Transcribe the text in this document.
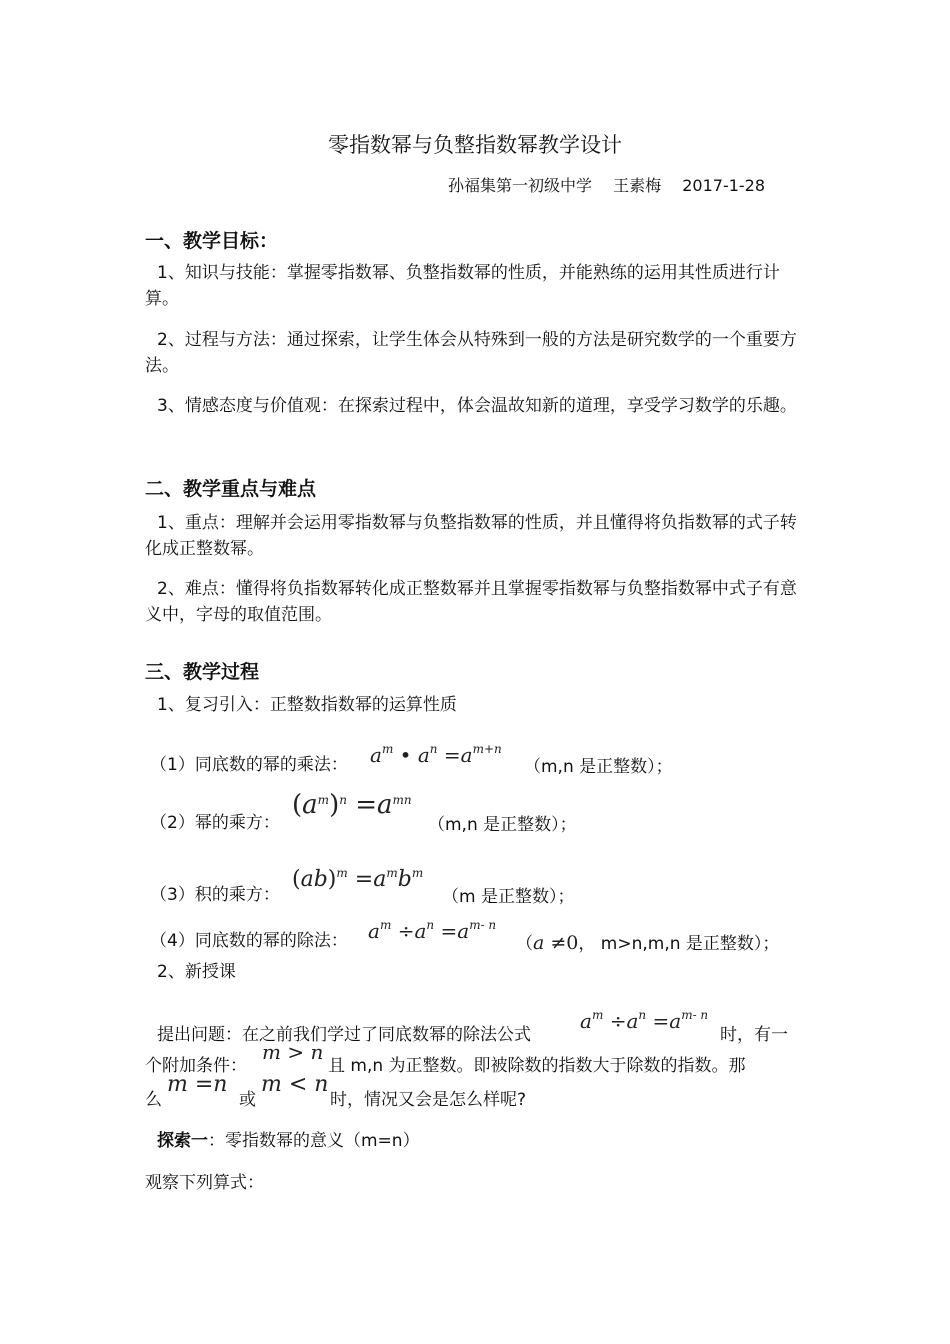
零指数幂与负整指数幂教学设计
孙福集第一初级中学 王素梅 2017-1-28
一、教学目标：

1、知识与技能：掌握零指数幂、负整指数幂的性质，并能熟练的运用其性质进行计算。

2、过程与方法：通过探索，让学生体会从特殊到一般的方法是研究数学的一个重要方法。

3、情感态度与价值观：在探索过程中，体会温故知新的道理，享受学习数学的乐趣。

二、教学重点与难点

1、重点：理解并会运用零指数幂与负整指数幂的性质，并且懂得将负指数幂的式子转化成正整数幂。

2、难点：懂得将负指数幂转化成正整数幂并且掌握零指数幂与负整指数幂中式子有意义中，字母的取值范围。

三、教学过程
1、复习引入：正整数指数幂的运算性质
（1）同底数的幂的乘法： $a^m$ • $a^n =a^{m+n}$
（m,n 是正整数）；
（2）幂的乘方：
$(a^m)^n =a^{mn}$
（m,n 是正整数）；
（3）积的乘方：
$(ab)^m =a^mb^m$
（m 是正整数）；
（4）同底数的幂的除法： $a^m \div a^n =a^{m- n}$
（a ≠0， m>n,m,n 是正整数）；
2、新授课
提出问题：在之前我们学过了同底数幂的除法公式
$a^m \div a^n =a^{m- n}$
时，有一
个附加条件：
m > n
且 m,n 为正整数。即被除数的指数大于除数的指数。那
么
m =n
或
m < n
时，情况又会是怎么样呢?
探索一：零指数幂的意义（m=n）
观察下列算式：
